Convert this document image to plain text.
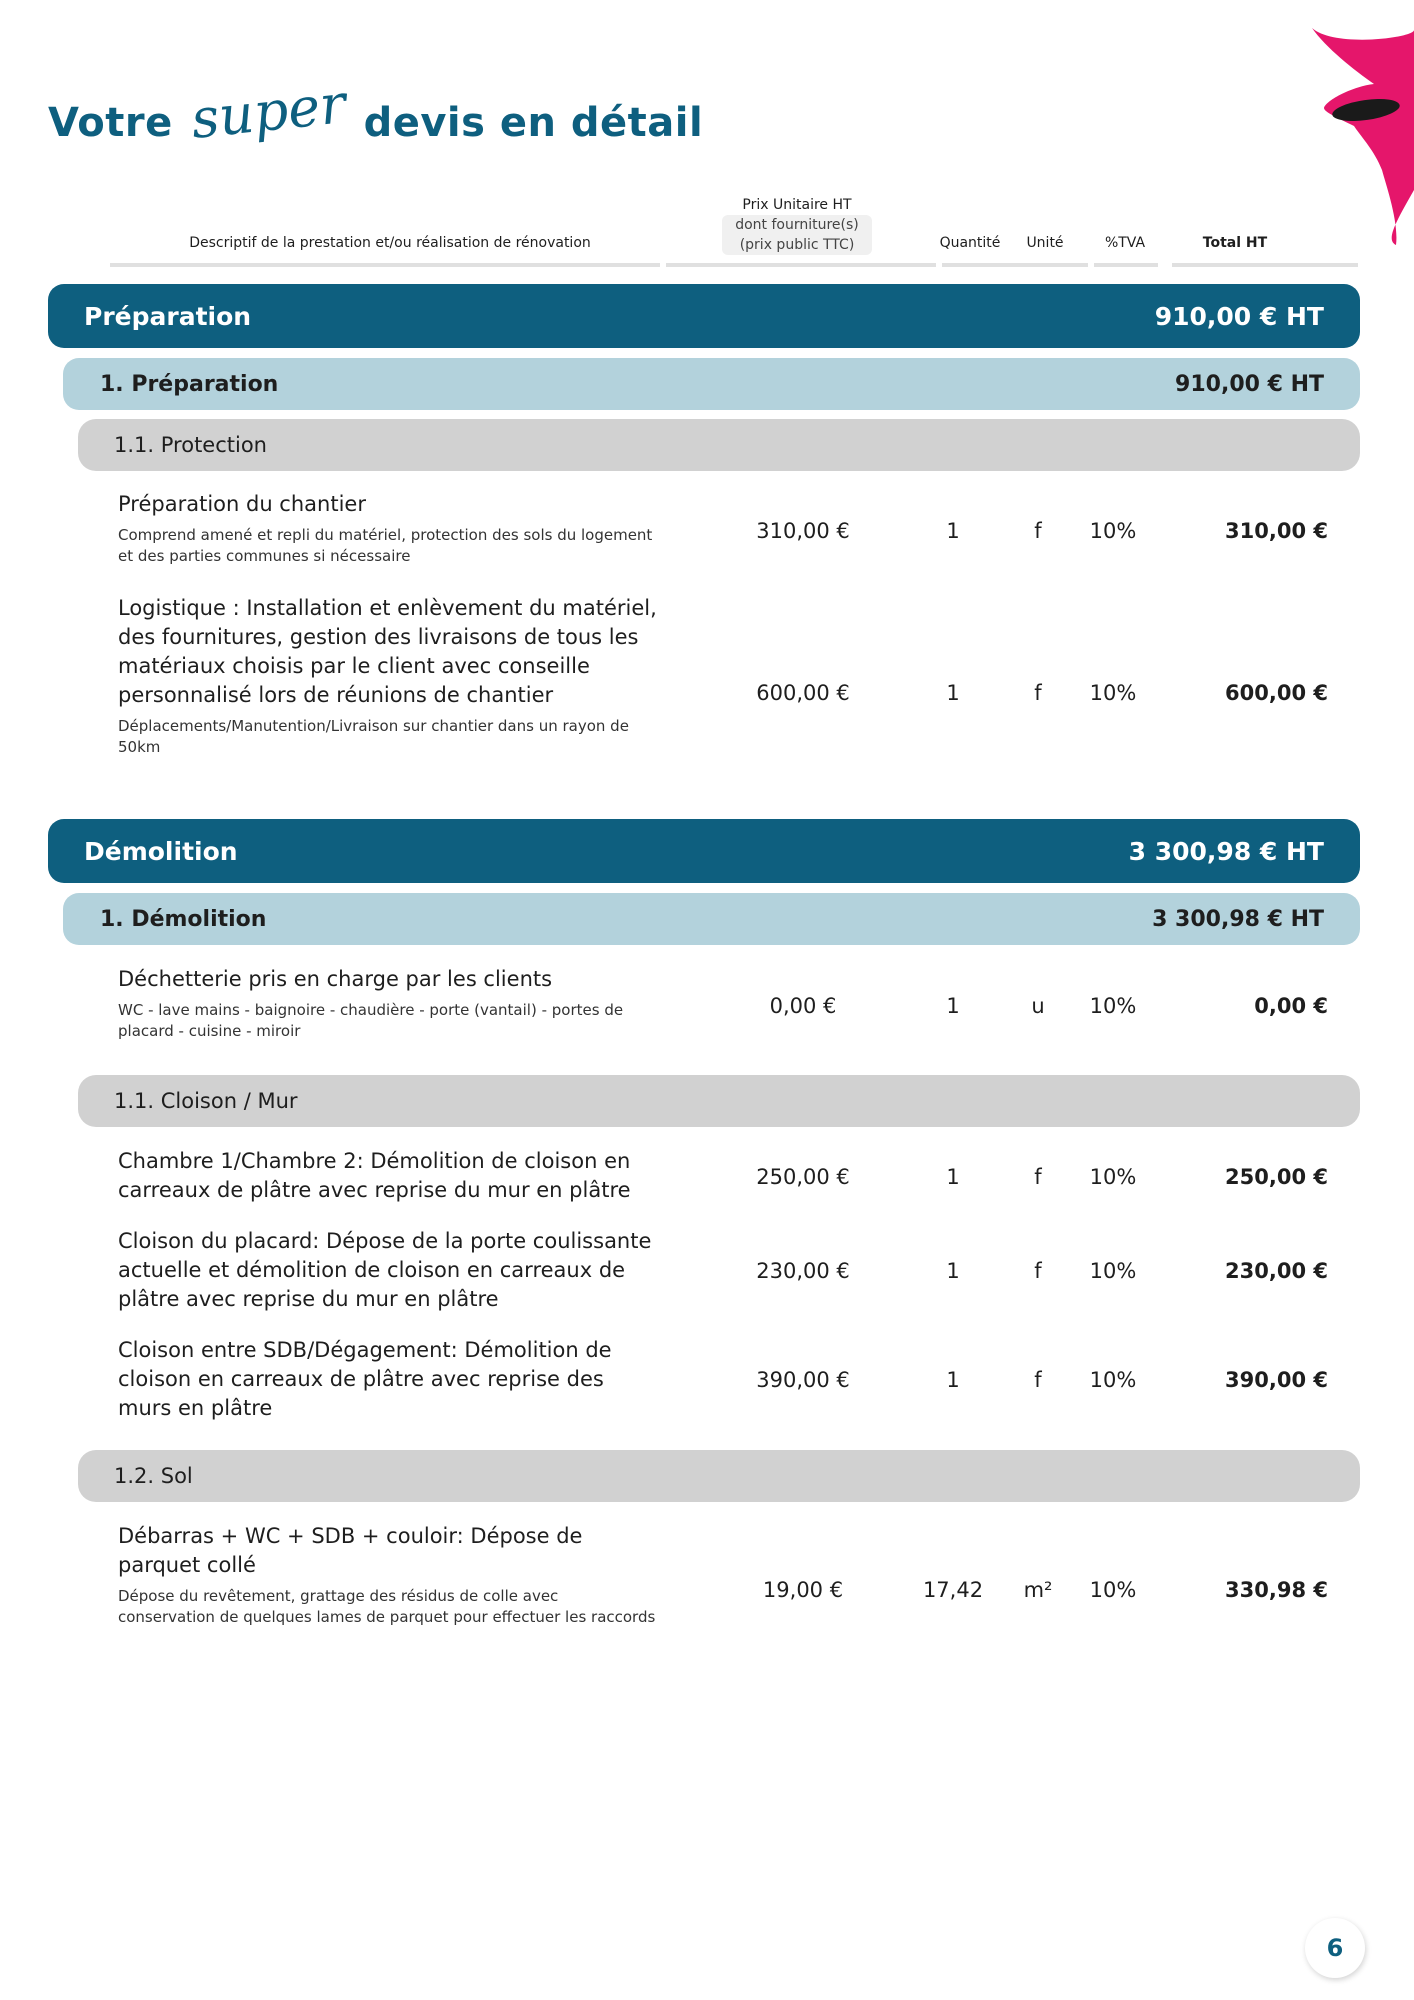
Votre super devis en détail
Descriptif de la prestation et/ou réalisation de rénovation
Prix Unitaire HT
dont fourniture(s)
(prix public TTC)	Quantité	Unité	%TVA	Total HT
Préparation	910,00 € HT
1. Préparation	910,00 € HT
1.1. Protection
Préparation du chantier
Comprend amené et repli du matériel, protection des sols du logement et des parties communes si nécessaire
310,00 €	1	f	10%	310,00 €
Logistique : Installation et enlèvement du matériel, des fournitures, gestion des livraisons de tous les matériaux choisis par le client avec conseille personnalisé lors de réunions de chantier
Déplacements/Manutention/Livraison sur chantier dans un rayon de 50km
600,00 €	1	f	10%	600,00 €
Démolition	3 300,98 € HT
1. Démolition	3 300,98 € HT
Déchetterie pris en charge par les clients
WC - lave mains - baignoire - chaudière - porte (vantail) - portes de placard - cuisine - miroir
0,00 €	1	u	10%	0,00 €
1.1. Cloison / Mur
Chambre 1/Chambre 2: Démolition de cloison en carreaux de plâtre avec reprise du mur en plâtre
250,00 €	1	f	10%	250,00 €
Cloison du placard: Dépose de la porte coulissante actuelle et démolition de cloison en carreaux de plâtre avec reprise du mur en plâtre
230,00 €	1	f	10%	230,00 €
Cloison entre SDB/Dégagement: Démolition de cloison en carreaux de plâtre avec reprise des murs en plâtre
390,00 €	1	f	10%	390,00 €
1.2. Sol
Débarras + WC + SDB + couloir: Dépose de parquet collé
Dépose du revêtement, grattage des résidus de colle avec conservation de quelques lames de parquet pour effectuer les raccords
19,00 €	17,42 m²	10%	330,98 €
6
